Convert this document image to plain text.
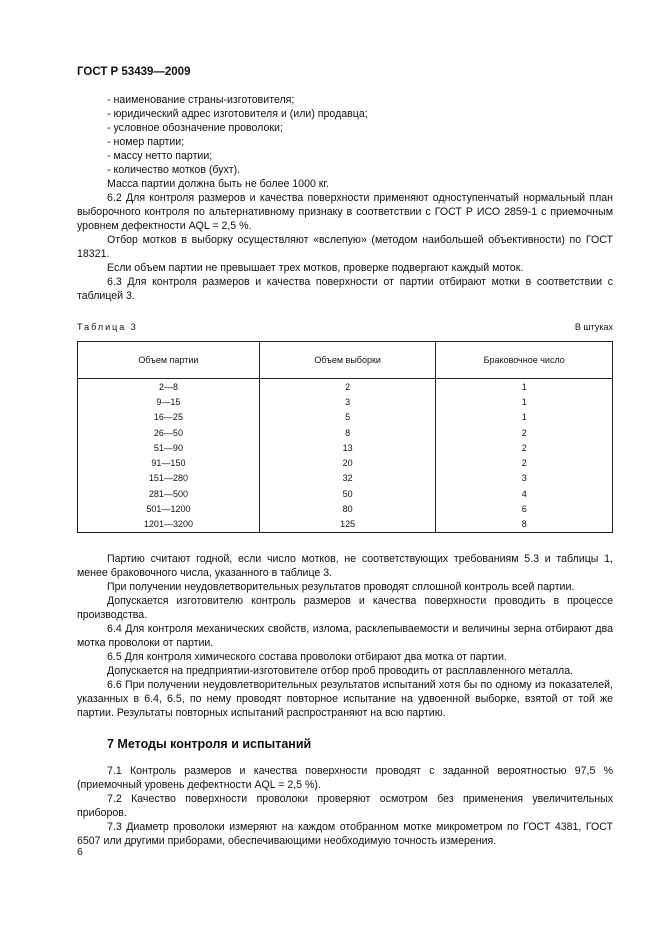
ГОСТ Р 53439—2009

- наименование страны-изготовителя;

- юридический адрес изготовителя и (или) продавца;

- условное обозначение проволоки;

- номер партии;

- массу нетто партии;

- количество мотков (бухт).

Масса партии должна быть не более 1000 кг.

6.2 Для контроля размеров и качества поверхности применяют одноступенчатый нормальный план выборочного контроля по альтернативному признаку в соответствии с ГОСТ Р ИСО 2859-1 с приемочным уровнем дефектности AQL = 2,5 %.

Отбор мотков в выборку осуществляют «вслепую» (методом наибольшей объективности) по ГОСТ 18321.

Если объем партии не превышает трех мотков, проверке подвергают каждый моток.

6.3 Для контроля размеров и качества поверхности от партии отбирают мотки в соответствии с таблицей 3.

Таблица 3	В штуках
Объем партии	Объем выборки	Браковочное число
2—8	2	1
9—15	3	1
16—25	5	1
26—50	8	2
51—90	13	2
91—150	20	2
151—280	32	3
281—500	50	4
501—1200	80	6
1201—3200	125	8

Партию считают годной, если число мотков, не соответствующих требованиям 5.3 и таблицы 1, менее браковочного числа, указанного в таблице 3.

При получении неудовлетворительных результатов проводят сплошной контроль всей партии.

Допускается изготовителю контроль размеров и качества поверхности проводить в процессе производства.

6.4 Для контроля механических свойств, излома, расклепываемости и величины зерна отбирают два мотка проволоки от партии.

6.5 Для контроля химического состава проволоки отбирают два мотка от партии.

Допускается на предприятии-изготовителе отбор проб проводить от расплавленного металла.

6.6 При получении неудовлетворительных результатов испытаний хотя бы по одному из показателей, указанных в 6.4, 6.5, по нему проводят повторное испытание на удвоенной выборке, взятой от той же партии. Результаты повторных испытаний распространяют на всю партию.

7 Методы контроля и испытаний

7.1 Контроль размеров и качества поверхности проводят с заданной вероятностью 97,5 % (приемочный уровень дефектности AQL = 2,5 %).

7.2 Качество поверхности проволоки проверяют осмотром без применения увеличительных приборов.

7.3 Диаметр проволоки измеряют на каждом отобранном мотке микрометром по ГОСТ 4381, ГОСТ 6507 или другими приборами, обеспечивающими необходимую точность измерения.

6
